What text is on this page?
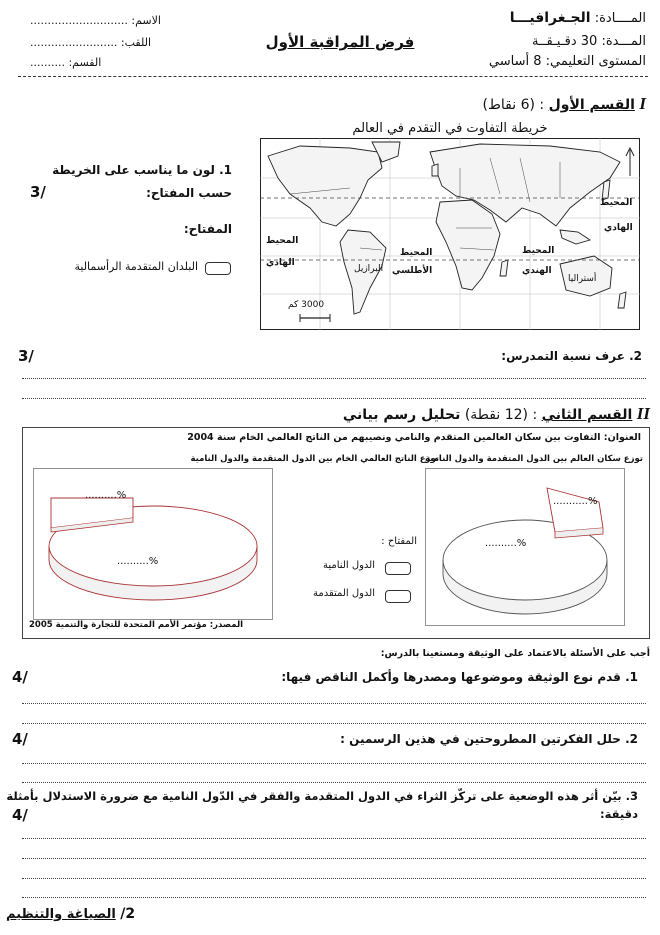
المــــادة: الجـغرافيـــا
المـــدة: 30 دقـيـقــة
المستوى التعليمي: 8 أساسي
فرض المراقبة الأول
الاسم: ............................
اللقب: .........................
القسم: ..........
I القسم الأول : (6 نقاط)
خريطة التفاوت في التقدم في العالم
المحيط
الهادي
المحيط
الهادي
المحيط
الأطلسي
المحيط
الهندي
البرازيل
أستراليا
3000 كم
1. لون ما يناسب على الخريطة
حسب المفتاح:
3/
المفتاح:
البلدان المتقدمة الرأسمالية
2. عرف نسبة التمدرس:
3/
II القسم الثاني : (12 نقطة) تحليل رسم بياني
العنوان: التفاوت بين سكان العالمين المتقدم والنامي ونصيبهم من الناتج العالمي الخام سنة 2004
توزع الناتج العالمي الخام بين الدول المتقدمة والدول النامية
توزع سكان العالم بين الدول المتقدمة والدول النامية
%..........
%..........
%...........
%..........
المفتاح :
الدول النامية
الدول المتقدمة
المصدر: مؤتمر الأمم المتحدة للتجارة والتنمية 2005
أجب على الأسئلة بالاعتماد على الوثيقة ومستعينا بالدرس:
1. قدم نوع الوثيقة وموضوعها ومصدرها وأكمل الناقص فيها:
4/
2. حلل الفكرتين المطروحتين في هذين الرسمين :
4/
3. بيّن أثر هذه الوضعية على تركّز الثراء في الدول المتقدمة والفقر في الدّول النامية مع ضرورة الاستدلال بأمثلة
دقيقة:
4/
2/ الصياغة والتنظيم
